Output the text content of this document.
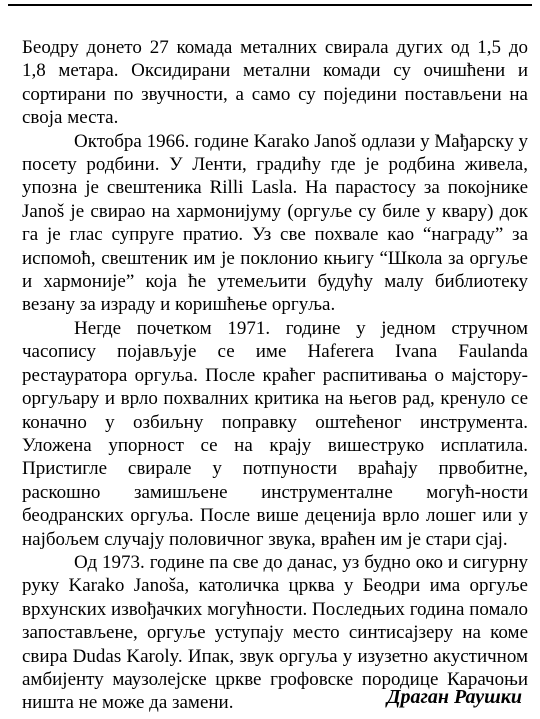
Беодру донето 27 комада металних свирала дугих од 1,5 до 1,8 метара. Оксидирани метални комади су очишћени и сортирани по звучности, а само су поједини постављени на своја места.

Октобра 1966. године Karako Janoš одлази у Мађарску у посету родбини. У Ленти, градићу где је родбина живела, упозна је свештеника Rilli Lasla. На парастосу за покојнике Janoš је свирао на хармонијуму (оргуље су биле у квару) док га је глас супруге пратио. Уз све похвале као “награду” за испомоћ, свештеник им је поклонио књигу “Школа за оргуље и хармоније” која ће утемељити будућу малу библиотеку везану за израду и коришћење оргуља.

Негде почетком 1971. године у једном стручном часопису појављује се име Haferera Ivana Faulanda рестауратора оргуља. После краћег распитивања о мајстору-оргуљару и врло похвалних критика на његов рад, кренуло се коначно у озбиљну поправку оштећеног инструмента. Уложена упорност се на крају вишеструко исплатила. Пристигле свирале у потпуности враћају првобитне, раскошно замишљене инструменталне могућ-ности беодранских оргуља. После више деценија врло лошег или у најбољем случају половичног звука, враћен им је стари сјај.

Од 1973. године па све до данас, уз будно око и сигурну руку Karako Janoša, католичка црква у Беодри има оргуље врхунских извођачких могућности. Последњих година помало запостављене, оргуље уступају место синтисајзеру на коме свира Dudas Karoly. Ипак, звук оргуља у изузетно акустичном амбијенту маузолејске цркве грофовске породице Карачоњи ништа не може да замени.	Драган Раушки
